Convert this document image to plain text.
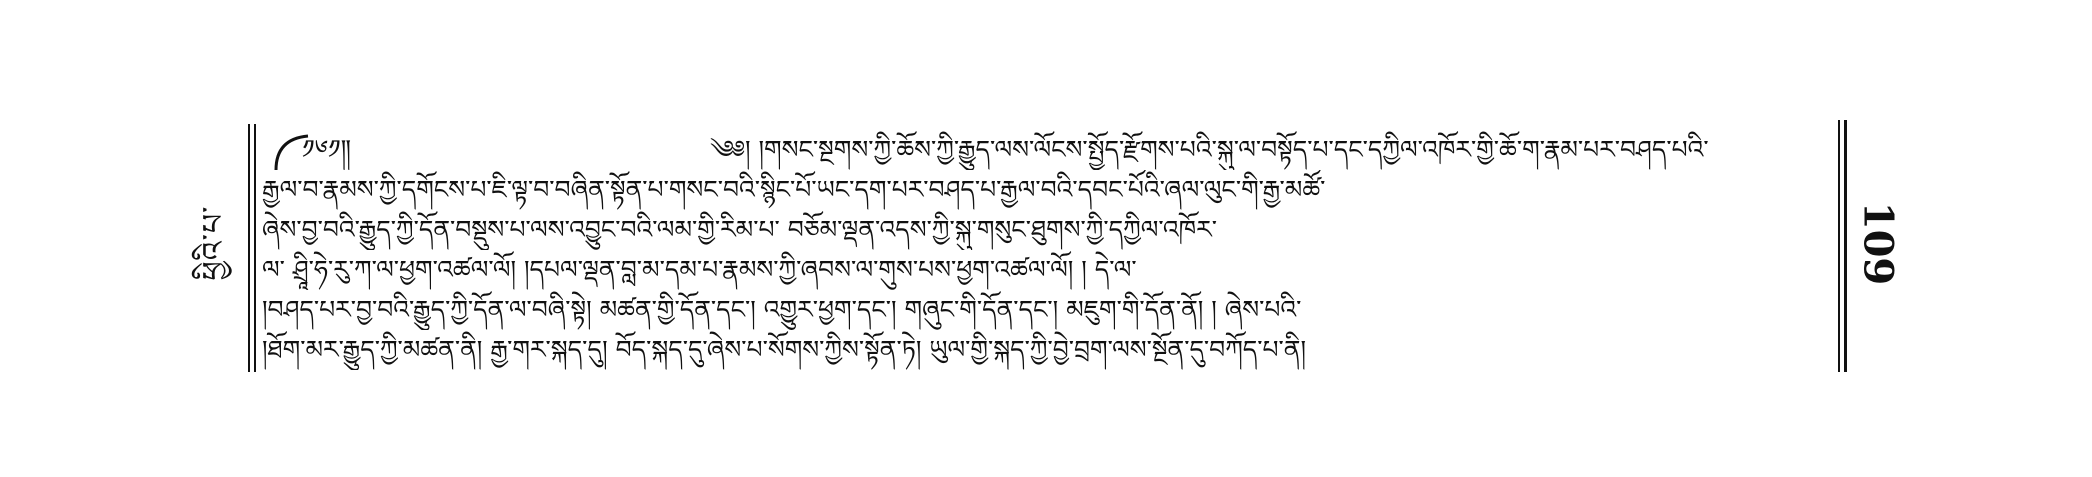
ཕྱིའི་པ་	109
༡༦༡༎	༄༅། །གསང་སྔགས་ཀྱི་ཆོས་ཀྱི་རྒྱུད་ལས་ལོངས་སྤྱོད་རྫོགས་པའི་སྐུ་ལ་བསྟོད་པ་དང་དཀྱིལ་འཁོར་གྱི་ཆོ་ག་རྣམ་པར་བཤད་པའི་
རྒྱལ་བ་རྣམས་ཀྱི་དགོངས་པ་ཇི་ལྟ་བ་བཞིན་སྟོན་པ་གསང་བའི་སྙིང་པོ་ཡང་དག་པར་བཤད་པ་རྒྱལ་བའི་དབང་པོའི་ཞལ་ལུང་གི་རྒྱ་མཚོ་
ཞེས་བྱ་བའི་རྒྱུད་ཀྱི་དོན་བསྡུས་པ་ལས་འབྱུང་བའི་ལམ་གྱི་རིམ་པ་ བཅོམ་ལྡན་འདས་ཀྱི་སྐུ་གསུང་ཐུགས་ཀྱི་དཀྱིལ་འཁོར་
ལ་ ཤྲཱི་ཧེ་རུ་ཀ་ལ་ཕྱག་འཚལ་ལོ། །དཔལ་ལྡན་བླ་མ་དམ་པ་རྣམས་ཀྱི་ཞབས་ལ་གུས་པས་ཕྱག་འཚལ་ལོ། ། དེ་ལ་
།བཤད་པར་བྱ་བའི་རྒྱུད་ཀྱི་དོན་ལ་བཞི་སྟེ། མཚན་གྱི་དོན་དང་། འགྱུར་ཕྱག་དང་། གཞུང་གི་དོན་དང་། མཇུག་གི་དོན་ནོ། ། ཞེས་པའི་
།ཐོག་མར་རྒྱུད་ཀྱི་མཚན་ནི། རྒྱ་གར་སྐད་དུ། བོད་སྐད་དུ་ཞེས་པ་སོགས་ཀྱིས་སྟོན་ཏེ། ཡུལ་གྱི་སྐད་ཀྱི་བྱེ་བྲག་ལས་སྔོན་དུ་བཀོད་པ་ནི།
